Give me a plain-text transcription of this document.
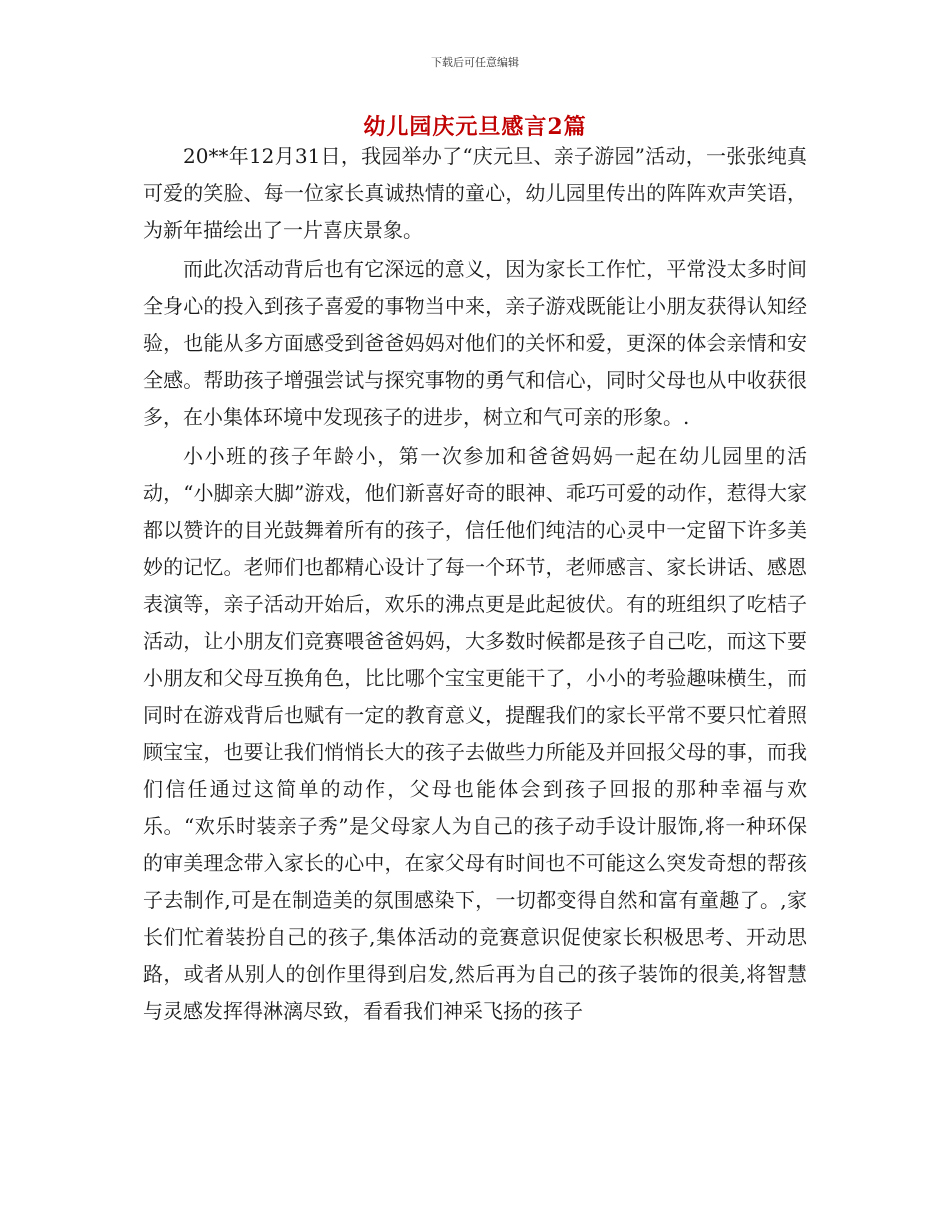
下载后可任意编辑
幼儿园庆元旦感言2篇

20**年12月31日，我园举办了“庆元旦、亲子游园”活动，一张张纯真可爱的笑脸、每一位家长真诚热情的童心，幼儿园里传出的阵阵欢声笑语，为新年描绘出了一片喜庆景象。

而此次活动背后也有它深远的意义，因为家长工作忙，平常没太多时间全身心的投入到孩子喜爱的事物当中来，亲子游戏既能让小朋友获得认知经验，也能从多方面感受到爸爸妈妈对他们的关怀和爱，更深的体会亲情和安全感。帮助孩子增强尝试与探究事物的勇气和信心，同时父母也从中收获很多，在小集体环境中发现孩子的进步，树立和气可亲的形象。.

小小班的孩子年龄小，第一次参加和爸爸妈妈一起在幼儿园里的活动，“小脚亲大脚”游戏，他们新喜好奇的眼神、乖巧可爱的动作，惹得大家都以赞许的目光鼓舞着所有的孩子，信任他们纯洁的心灵中一定留下许多美妙的记忆。老师们也都精心设计了每一个环节，老师感言、家长讲话、感恩表演等，亲子活动开始后，欢乐的沸点更是此起彼伏。有的班组织了吃桔子活动，让小朋友们竞赛喂爸爸妈妈，大多数时候都是孩子自己吃，而这下要小朋友和父母互换角色，比比哪个宝宝更能干了，小小的考验趣味横生，而同时在游戏背后也赋有一定的教育意义，提醒我们的家长平常不要只忙着照顾宝宝，也要让我们悄悄长大的孩子去做些力所能及并回报父母的事，而我们信任通过这简单的动作，父母也能体会到孩子回报的那种幸福与欢乐。“欢乐时装亲子秀”是父母家人为自己的孩子动手设计服饰,将一种环保的审美理念带入家长的心中，在家父母有时间也不可能这么突发奇想的帮孩子去制作,可是在制造美的氛围感染下，一切都变得自然和富有童趣了。,家长们忙着装扮自己的孩子,集体活动的竞赛意识促使家长积极思考、开动思路，或者从别人的创作里得到启发,然后再为自己的孩子装饰的很美,将智慧与灵感发挥得淋漓尽致，看看我们神采飞扬的孩子
